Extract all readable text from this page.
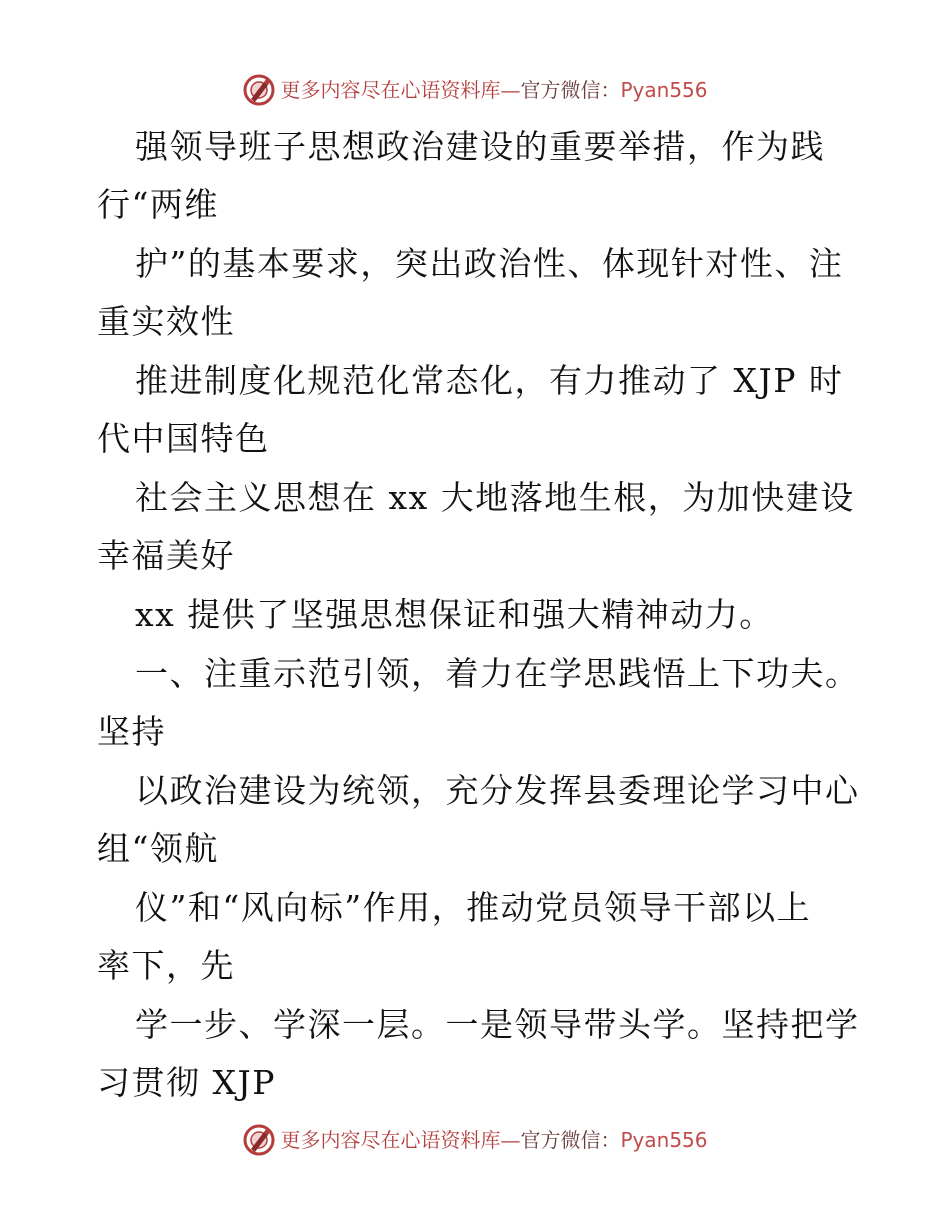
更多内容尽在心语资料库—官方微信：Pyan556
强领导班子思想政治建设的重要举措，作为践
行“两维
护”的基本要求，突出政治性、体现针对性、注
重实效性
推进制度化规范化常态化，有力推动了 XJP 时
代中国特色
社会主义思想在 xx 大地落地生根，为加快建设
幸福美好
xx 提供了坚强思想保证和强大精神动力。
一、注重示范引领，着力在学思践悟上下功夫。
坚持
以政治建设为统领，充分发挥县委理论学习中心
组“领航
仪”和“风向标”作用，推动党员领导干部以上
率下，先
学一步、学深一层。一是领导带头学。坚持把学
习贯彻 XJP
更多内容尽在心语资料库—官方微信：Pyan556
